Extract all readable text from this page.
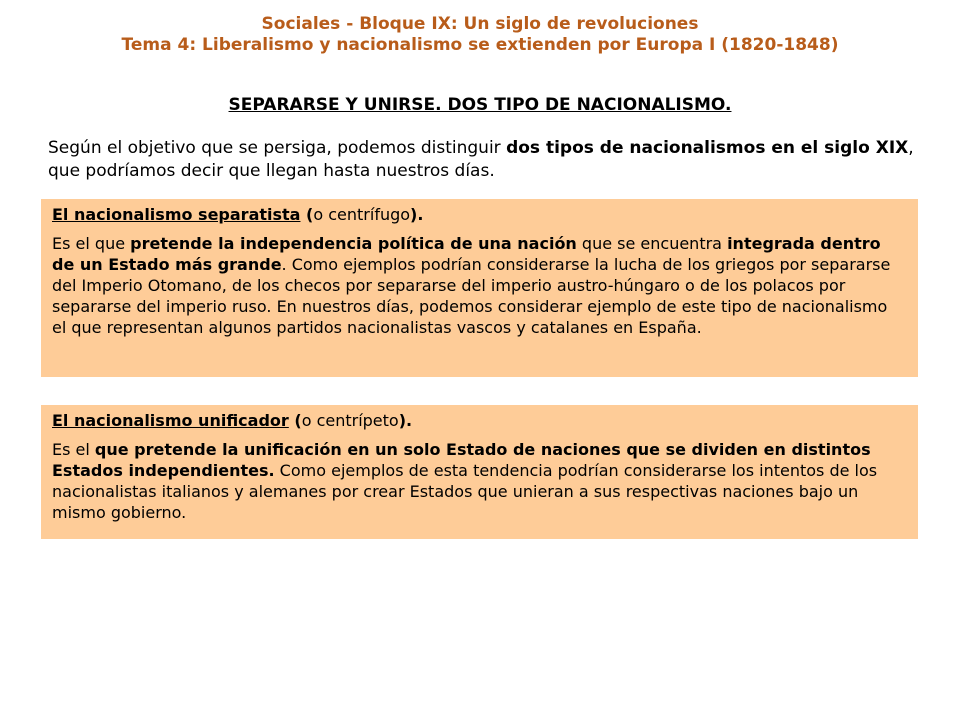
Sociales - Bloque IX: Un siglo de revoluciones
Tema 4: Liberalismo y nacionalismo se extienden por Europa I (1820-1848)
SEPARARSE Y UNIRSE. DOS TIPO DE NACIONALISMO.
Según el objetivo que se persiga, podemos distinguir dos tipos de nacionalismos en el siglo XIX, que podríamos decir que llegan hasta nuestros días.

El nacionalismo separatista (o centrífugo).

Es el que pretende la independencia política de una nación que se encuentra integrada dentro de un Estado más grande. Como ejemplos podrían considerarse la lucha de los griegos por separarse del Imperio Otomano, de los checos por separarse del imperio austro-húngaro o de los polacos por separarse del imperio ruso. En nuestros días, podemos considerar ejemplo de este tipo de nacionalismo el que representan algunos partidos nacionalistas vascos y catalanes en España.

El nacionalismo unificador (o centrípeto).

Es el que pretende la unificación en un solo Estado de naciones que se dividen en distintos Estados independientes. Como ejemplos de esta tendencia podrían considerarse los intentos de los nacionalistas italianos y alemanes por crear Estados que unieran a sus respectivas naciones bajo un mismo gobierno.
